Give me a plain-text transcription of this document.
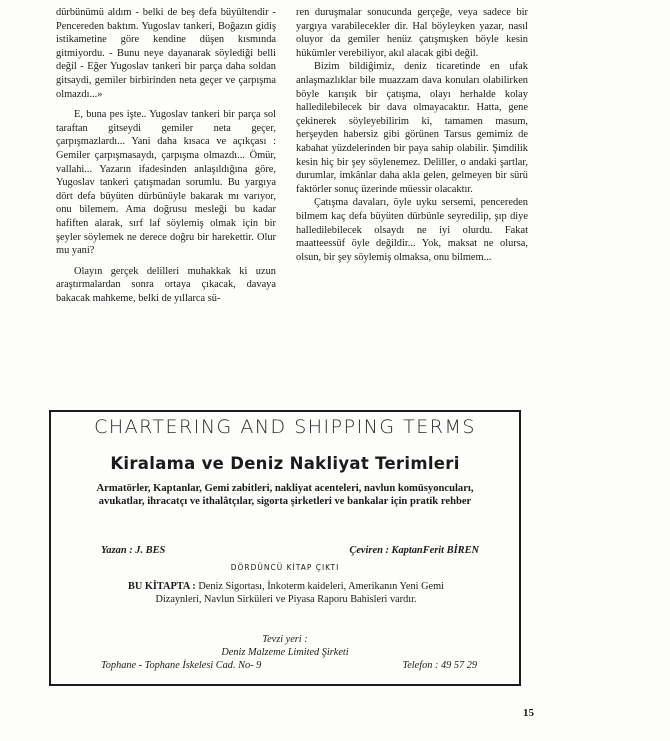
dürbünümü aldım - belki de beş defa büyültendir - Pencereden baktım. Yugoslav tankeri, Boğazın gidiş istikametine göre kendine düşen kısmında gitmiyordu. - Bunu neye dayanarak söylediği belli değil - Eğer Yugoslav tankeri bir parça daha soldan gitsaydi, gemiler birbirinden neta geçer ve çarpışma olmazdı...»

E, buna pes işte.. Yugoslav tankeri bir parça sol taraftan gitseydi gemiler neta geçer, çarpışmazlardı... Yani daha kısaca ve açıkçası : Gemiler çarpışmasaydı, çarpışma olmazdı... Ömür, vallahi... Yazarın ifadesinden anlaşıldığına göre, Yugoslav tankeri çatışmadan sorumlu. Bu yargıya dört defa büyüten dürbünüyle bakarak mı varıyor, onu bilemem. Ama doğrusu mesleği bu kadar hafiften alarak, sırf laf söylemiş olmak için bir şeyler söylemek ne derece doğru bir harekettir. Olur mu yani?

Olayın gerçek delilleri muhakkak ki uzun araştırmalardan sonra ortaya çıkacak, davaya bakacak mahkeme, belki de yıllarca sü-

ren duruşmalar sonucunda gerçeğe, veya sadece bir yargıya varabilecekler dir. Hal böyleyken yazar, nasıl oluyor da gemiler henüz çatışmışken böyle kesin hükümler verebiliyor, akıl alacak gibi değil.

Bizim bildiğimiz, deniz ticaretinde en ufak anlaşmazlıklar bile muazzam dava konuları olabilirken böyle karışık bir çatışma, olayı herhalde kolay halledilebilecek bir dava olmayacaktır. Hatta, gene çekinerek söyleyebilirim ki, tamamen masum, herşeyden habersiz gibi görünen Tarsus gemimiz de kabahat yüzdelerinden bir paya sahip olabilir. Şimdilik kesin hiç bir şey söylenemez. Deliller, o andaki şartlar, durumlar, imkânlar daha akla gelen, gelmeyen bir sürü faktörler sonuç üzerinde müessir olacaktır.

Çatışma davaları, öyle uyku sersemi, pencereden bilmem kaç defa büyüten dürbünle seyredilip, şıp diye halledilebilecek olsaydı ne iyi olurdu. Fakat maatteessüf öyle değildir... Yok, maksat ne olursa, olsun, bir şey söylemiş olmaksa, onu bilmem...

CHARTERING AND SHIPPING TERMS
Kiralama ve Deniz Nakliyat Terimleri
Armatörler, Kaptanlar, Gemi zabitleri, nakliyat acenteleri, navlun komüsyoncuları, avukatlar, ihracatçı ve ithalâtçılar, sigorta şirketleri ve bankalar için pratik rehber
Yazan : J. BES	Çeviren : KaptanFerit BİREN
DÖRDÜNCÜ KİTAP ÇIKTI
BU KİTAPTA : Deniz Sigortası, İnkoterm kaideleri, Amerikanın Yeni Gemi Dizaynleri, Navlun Sirküleri ve Piyasa Raporu Bahisleri vardır.
Tevzi yeri :
Deniz Malzeme Limited Şirketi
Tophane - Tophane İskelesi Cad. No- 9	Telefon : 49 57 29
15
